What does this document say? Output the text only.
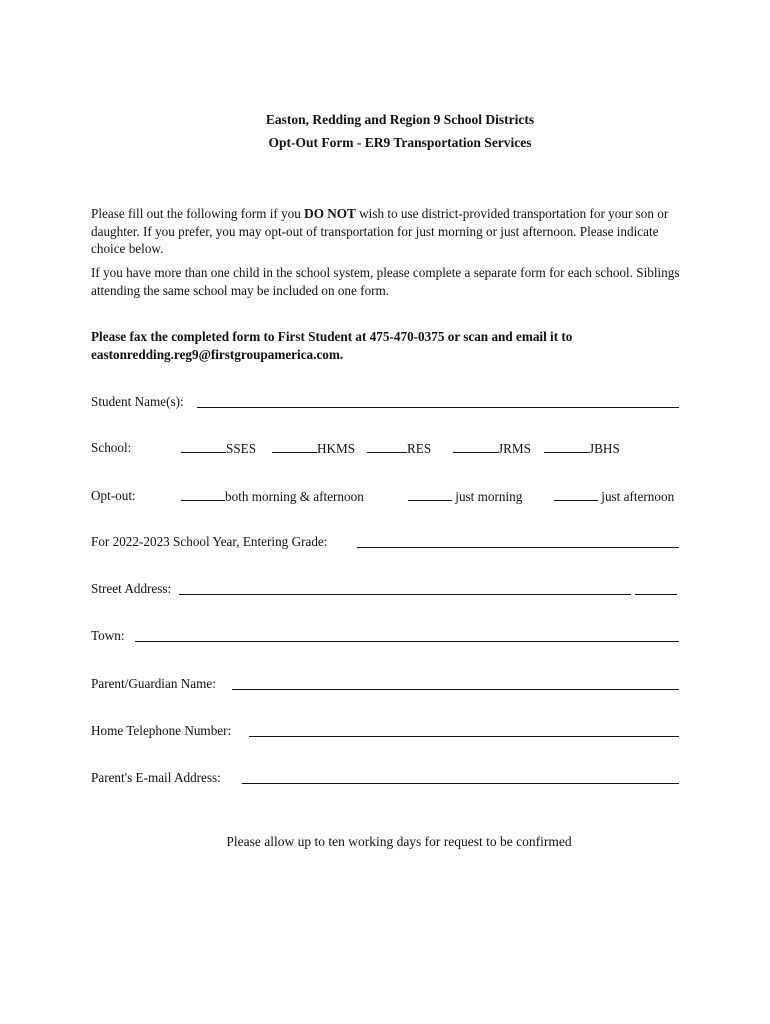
Easton, Redding and Region 9 School Districts
Opt-Out Form - ER9 Transportation Services
Please fill out the following form if you DO NOT wish to use district-provided transportation for your son or daughter. If you prefer, you may opt-out of transportation for just morning or just afternoon. Please indicate choice below.
If you have more than one child in the school system, please complete a separate form for each school. Siblings attending the same school may be included on one form.
Please fax the completed form to First Student at 475-470-0375 or scan and email it to eastonredding.reg9@firstgroupamerica.com.
Student Name(s):
School:	SSES	HKMS	RES	JRMS	JBHS
Opt-out:	both morning & afternoon	just morning	just afternoon
For 2022-2023 School Year, Entering Grade:
Street Address:
Town:
Parent/Guardian Name:
Home Telephone Number:
Parent's E-mail Address:
Please allow up to ten working days for request to be confirmed
